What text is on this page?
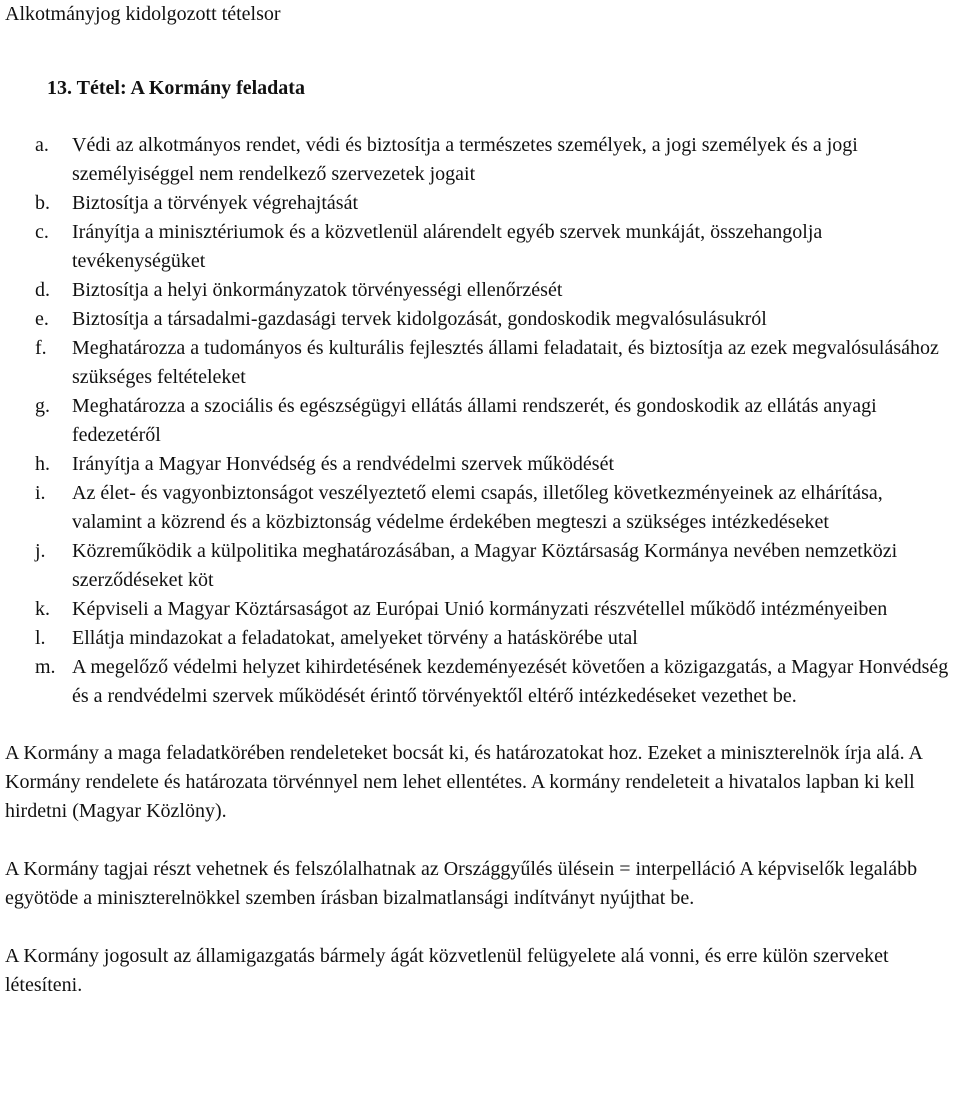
Alkotmányjog kidolgozott tételsor
13. Tétel: A Kormány feladata
a.	Védi az alkotmányos rendet, védi és biztosítja a természetes személyek, a jogi személyek és a jogi személyiséggel nem rendelkező szervezetek jogait
b.	Biztosítja a törvények végrehajtását
c.	Irányítja a minisztériumok és a közvetlenül alárendelt egyéb szervek munkáját, összehangolja tevékenységüket
d.	Biztosítja a helyi önkormányzatok törvényességi ellenőrzését
e.	Biztosítja a társadalmi-gazdasági tervek kidolgozását, gondoskodik megvalósulásukról
f.	Meghatározza a tudományos és kulturális fejlesztés állami feladatait, és biztosítja az ezek megvalósulásához szükséges feltételeket
g.	Meghatározza a szociális és egészségügyi ellátás állami rendszerét, és gondoskodik az ellátás anyagi fedezetéről
h.	Irányítja a Magyar Honvédség és a rendvédelmi szervek működését
i.	Az élet- és vagyonbiztonságot veszélyeztető elemi csapás, illetőleg következményeinek az elhárítása, valamint a közrend és a közbiztonság védelme érdekében megteszi a szükséges intézkedéseket
j.	Közreműködik a külpolitika meghatározásában, a Magyar Köztársaság Kormánya nevében nemzetközi szerződéseket köt
k.	Képviseli a Magyar Köztársaságot az Európai Unió kormányzati részvétellel működő intézményeiben
l.	Ellátja mindazokat a feladatokat, amelyeket törvény a hatáskörébe utal
m. A megelőző védelmi helyzet kihirdetésének kezdeményezését követően a közigazgatás, a Magyar Honvédség és a rendvédelmi szervek működését érintő törvényektől eltérő intézkedéseket vezethet be.

A Kormány a maga feladatkörében rendeleteket bocsát ki, és határozatokat hoz. Ezeket a miniszterelnök írja alá. A Kormány rendelete és határozata törvénnyel nem lehet ellentétes. A kormány rendeleteit a hivatalos lapban ki kell hirdetni (Magyar Közlöny).

A Kormány tagjai részt vehetnek és felszólalhatnak az Országgyűlés ülésein = interpelláció A képviselők legalább egyötöde a miniszterelnökkel szemben írásban bizalmatlansági indítványt nyújthat be.

A Kormány jogosult az államigazgatás bármely ágát közvetlenül felügyelete alá vonni, és erre külön szerveket létesíteni.
